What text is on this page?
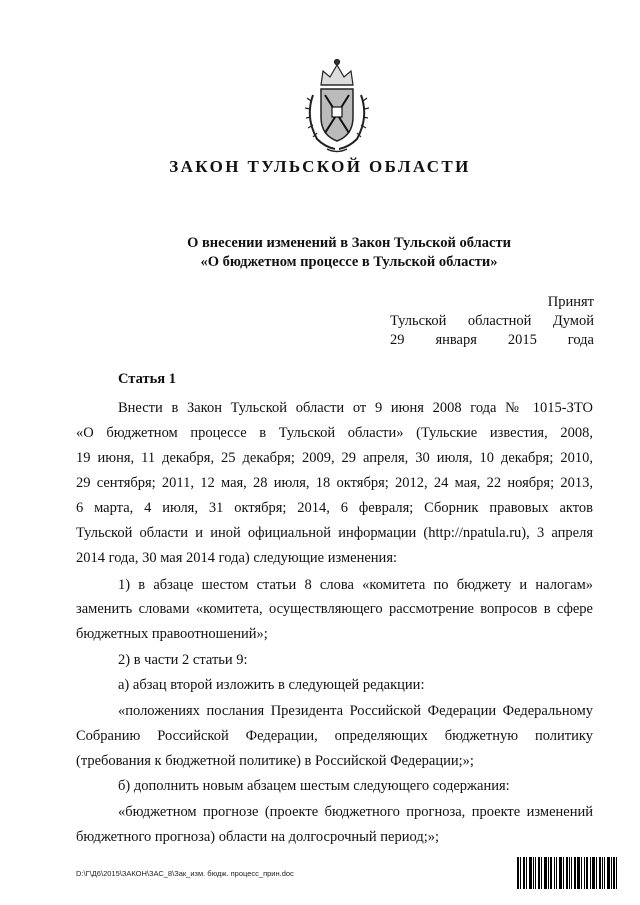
ЗАКОН ТУЛЬСКОЙ ОБЛАСТИ
О внесении изменений в Закон Тульской области
«О бюджетном процессе в Тульской области»
Принят
Тульской областной Думой
29 января 2015 года
Статья 1
Внести в Закон Тульской области от 9 июня 2008 года № 1015-ЗТО
«О бюджетном процессе в Тульской области» (Тульские известия, 2008,
19 июня, 11 декабря, 25 декабря; 2009, 29 апреля, 30 июля, 10 декабря; 2010,
29 сентября; 2011, 12 мая, 28 июля, 18 октября; 2012, 24 мая, 22 ноября; 2013,
6 марта, 4 июля, 31 октября; 2014, 6 февраля; Сборник правовых актов
Тульской области и иной официальной информации (http://npatula.ru), 3 апреля
2014 года, 30 мая 2014 года) следующие изменения:
1) в абзаце шестом статьи 8 слова «комитета по бюджету и налогам»
заменить словами «комитета, осуществляющего рассмотрение вопросов в сфере
бюджетных правоотношений»;
2) в части 2 статьи 9:
а) абзац второй изложить в следующей редакции:
«положениях послания Президента Российской Федерации Федеральному
Собранию Российской Федерации, определяющих бюджетную политику
(требования к бюджетной политике) в Российской Федерации;»;
б) дополнить новым абзацем шестым следующего содержания:
«бюджетном прогнозе (проекте бюджетного прогноза, проекте изменений
бюджетного прогноза) области на долгосрочный период;»;
D:\Г\Д6\2015\ЗАКОН\ЗАС_8\Зак_изм. бюдж. процесс_прин.doc
